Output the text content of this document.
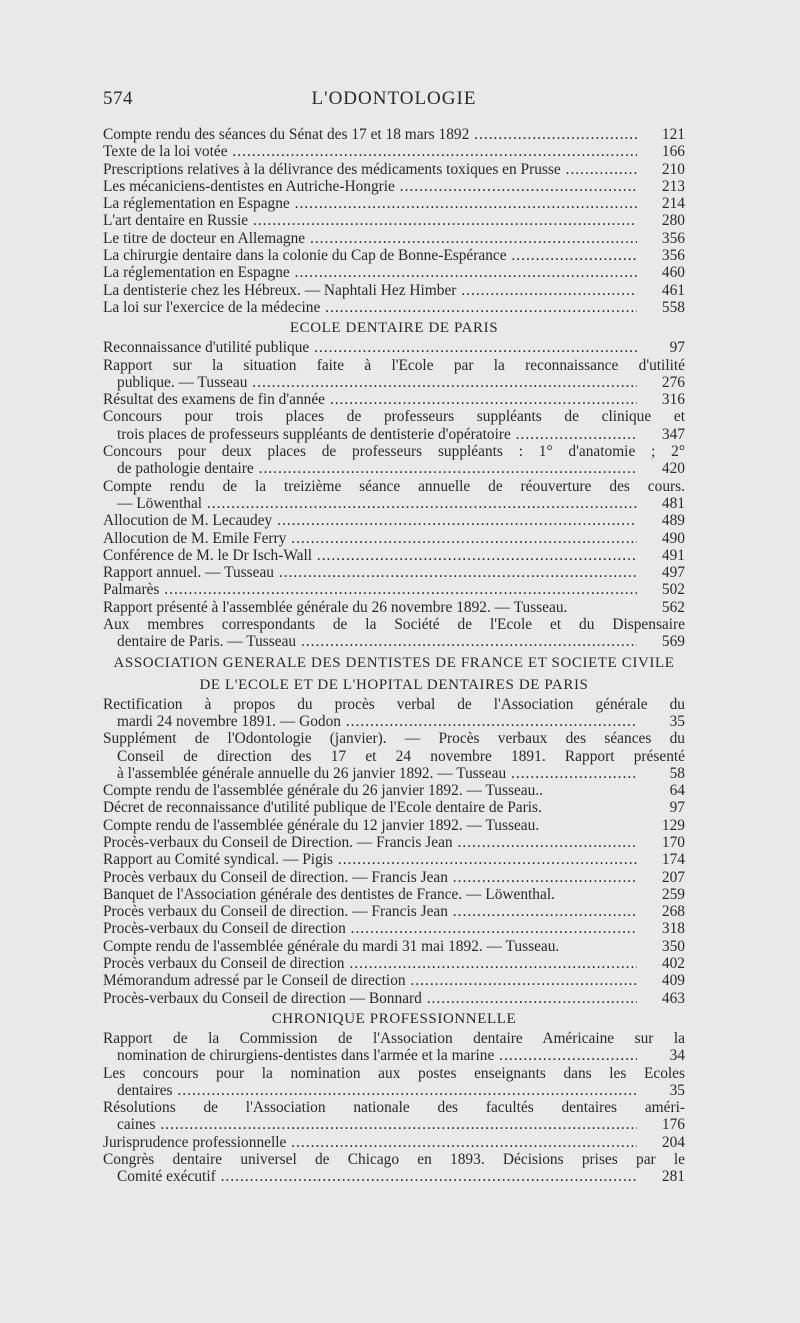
574	L'ODONTOLOGIE
Compte rendu des séances du Sénat des 17 et 18 mars 1892 .....	121
Texte de la loi votée .....	166
Prescriptions relatives à la délivrance des médicaments toxiques en Prusse .....	210
Les mécaniciens-dentistes en Autriche-Hongrie .....	213
La réglementation en Espagne .....	214
L'art dentaire en Russie .....	280
Le titre de docteur en Allemagne .....	356
La chirurgie dentaire dans la colonie du Cap de Bonne-Espérance .....	356
La réglementation en Espagne .....	460
La dentisterie chez les Hébreux. — Naphtali Hez Himber .....	461
La loi sur l'exercice de la médecine .....	558
ECOLE DENTAIRE DE PARIS
Reconnaissance d'utilité publique .....	97
Rapport sur la situation faite à l'Ecole par la reconnaissance d'utilité
publique. — Tusseau .....	276
Résultat des examens de fin d'année .....	316
Concours pour trois places de professeurs suppléants de clinique et
trois places de professeurs suppléants de dentisterie d'opératoire .....	347
Concours pour deux places de professeurs suppléants : 1° d'anatomie ; 2°
de pathologie dentaire .....	420
Compte rendu de la treizième séance annuelle de réouverture des cours.
— Löwenthal .....	481
Allocution de M. Lecaudey .....	489
Allocution de M. Emile Ferry .....	490
Conférence de M. le Dr Isch-Wall .....	491
Rapport annuel. — Tusseau .....	497
Palmarès .....	502
Rapport présenté à l'assemblée générale du 26 novembre 1892. — Tusseau.	562
Aux membres correspondants de la Société de l'Ecole et du Dispensaire
dentaire de Paris. — Tusseau .....	569
ASSOCIATION GENERALE DES DENTISTES DE FRANCE ET SOCIETE CIVILE
DE L'ECOLE ET DE L'HOPITAL DENTAIRES DE PARIS
Rectification à propos du procès verbal de l'Association générale du
mardi 24 novembre 1891. — Godon .....	35
Supplément de l'Odontologie (janvier). — Procès verbaux des séances du
Conseil de direction des 17 et 24 novembre 1891. Rapport présenté
à l'assemblée générale annuelle du 26 janvier 1892. — Tusseau .....	58
Compte rendu de l'assemblée générale du 26 janvier 1892. — Tusseau..	64
Décret de reconnaissance d'utilité publique de l'Ecole dentaire de Paris.	97
Compte rendu de l'assemblée générale du 12 janvier 1892. — Tusseau.	129
Procès-verbaux du Conseil de Direction. — Francis Jean .....	170
Rapport au Comité syndical. — Pigis .....	174
Procès verbaux du Conseil de direction. — Francis Jean .....	207
Banquet de l'Association générale des dentistes de France. — Löwenthal.	259
Procès verbaux du Conseil de direction. — Francis Jean .....	268
Procès-verbaux du Conseil de direction .....	318
Compte rendu de l'assemblée générale du mardi 31 mai 1892. — Tusseau.	350
Procès verbaux du Conseil de direction .....	402
Mémorandum adressé par le Conseil de direction .....	409
Procès-verbaux du Conseil de direction — Bonnard .....	463
CHRONIQUE PROFESSIONNELLE
Rapport de la Commission de l'Association dentaire Américaine sur la
nomination de chirurgiens-dentistes dans l'armée et la marine .....	34
Les concours pour la nomination aux postes enseignants dans les Ecoles
dentaires .....	35
Résolutions de l'Association nationale des facultés dentaires améri-
caines .....	176
Jurisprudence professionnelle .....	204
Congrès dentaire universel de Chicago en 1893. Décisions prises par le
Comité exécutif .....	281
